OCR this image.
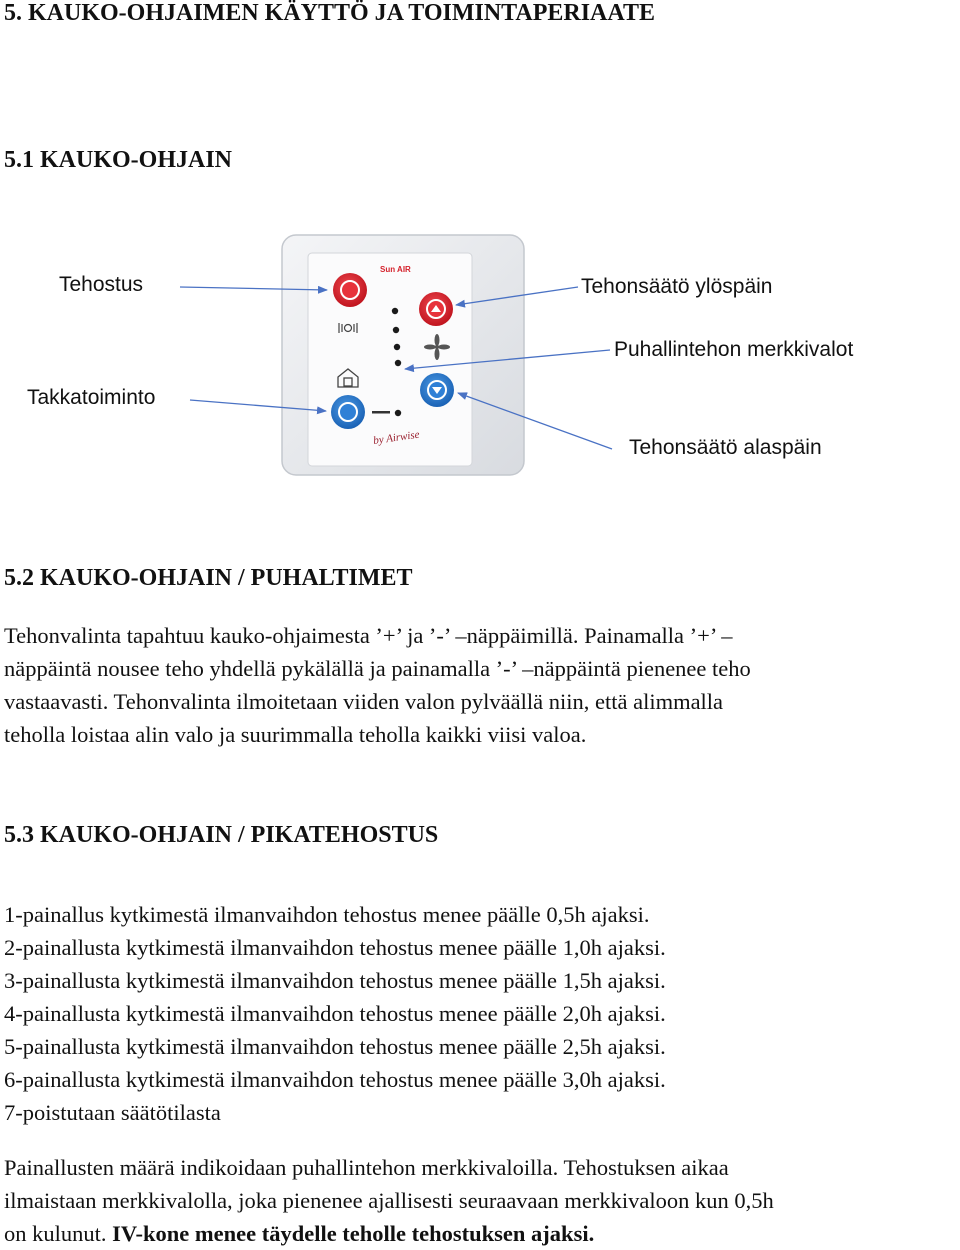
5. KAUKO-OHJAIMEN KÄYTTÖ JA TOIMINTAPERIAATE
5.1 KAUKO-OHJAIN
Sun AIR
by Airwise
Tehostus	Tehonsäätö ylöspäin
Puhallintehon merkkivalot
Takkatoiminto
Tehonsäätö alaspäin
5.2 KAUKO-OHJAIN / PUHALTIMET
Tehonvalinta tapahtuu kauko-ohjaimesta ’+’ ja ’-’ –näppäimillä. Painamalla ’+’ –
näppäintä nousee teho yhdellä pykälällä ja painamalla ’-’ –näppäintä pienenee teho
vastaavasti. Tehonvalinta ilmoitetaan viiden valon pylväällä niin, että alimmalla
teholla loistaa alin valo ja suurimmalla teholla kaikki viisi valoa.
5.3 KAUKO-OHJAIN / PIKATEHOSTUS
1-painallus kytkimestä ilmanvaihdon tehostus menee päälle 0,5h ajaksi.
2-painallusta kytkimestä ilmanvaihdon tehostus menee päälle 1,0h ajaksi.
3-painallusta kytkimestä ilmanvaihdon tehostus menee päälle 1,5h ajaksi.
4-painallusta kytkimestä ilmanvaihdon tehostus menee päälle 2,0h ajaksi.
5-painallusta kytkimestä ilmanvaihdon tehostus menee päälle 2,5h ajaksi.
6-painallusta kytkimestä ilmanvaihdon tehostus menee päälle 3,0h ajaksi.
7-poistutaan säätötilasta
Painallusten määrä indikoidaan puhallintehon merkkivaloilla. Tehostuksen aikaa
ilmaistaan merkkivalolla, joka pienenee ajallisesti seuraavaan merkkivaloon kun 0,5h
on kulunut. IV-kone menee täydelle teholle tehostuksen ajaksi.
